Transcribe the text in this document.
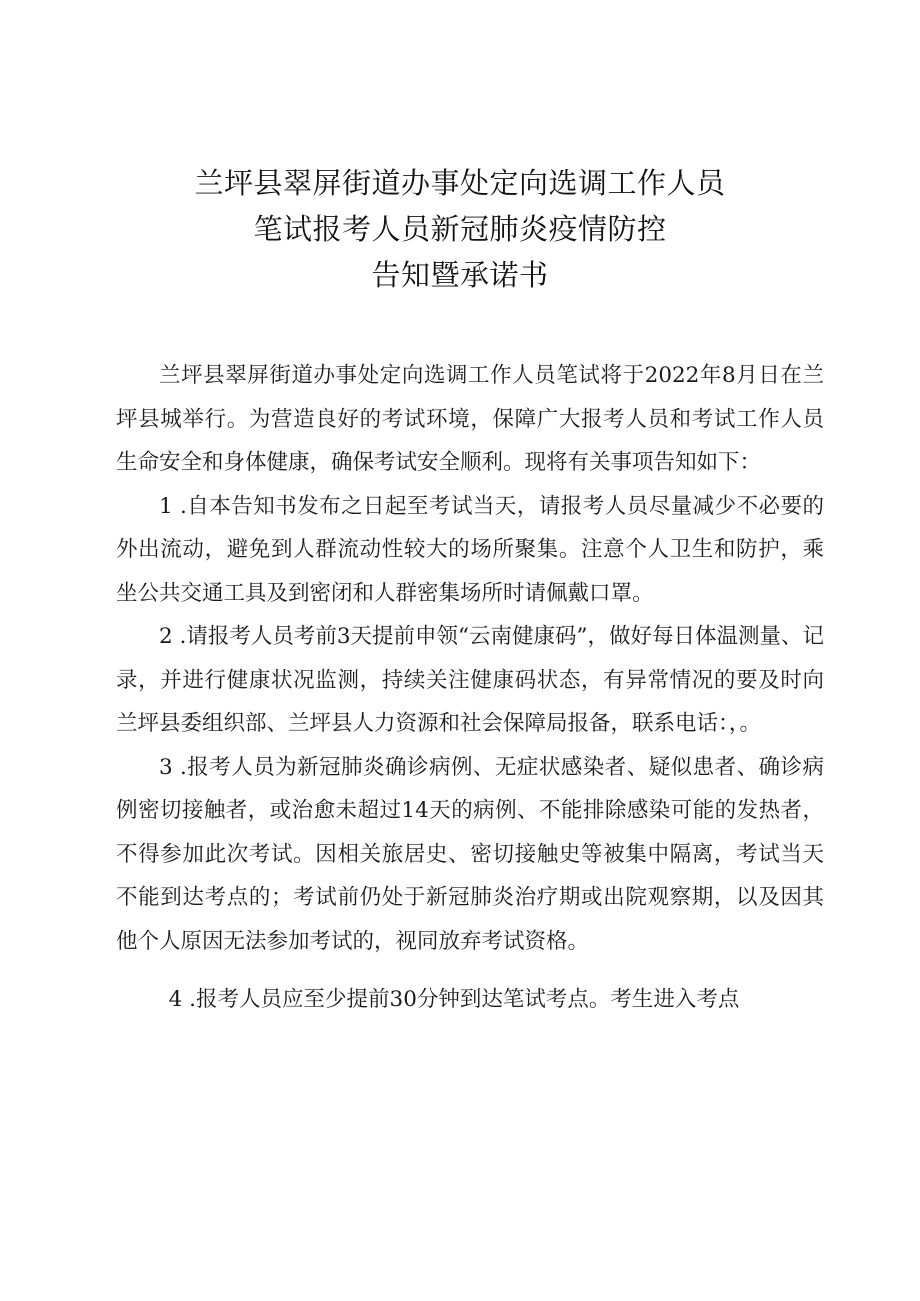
兰坪县翠屏街道办事处定向选调工作人员
笔试报考人员新冠肺炎疫情防控
告知暨承诺书

兰坪县翠屏街道办事处定向选调工作人员笔试将于2022年8月日在兰坪县城举行。为营造良好的考试环境，保障广大报考人员和考试工作人员生命安全和身体健康，确保考试安全顺利。现将有关事项告知如下：

1 .自本告知书发布之日起至考试当天，请报考人员尽量减少不必要的外出流动，避免到人群流动性较大的场所聚集。注意个人卫生和防护，乘坐公共交通工具及到密闭和人群密集场所时请佩戴口罩。

2 .请报考人员考前3天提前申领“云南健康码”，做好每日体温测量、记录，并进行健康状况监测，持续关注健康码状态，有异常情况的要及时向兰坪县委组织部、兰坪县人力资源和社会保障局报备，联系电话：，。

3 .报考人员为新冠肺炎确诊病例、无症状感染者、疑似患者、确诊病例密切接触者，或治愈未超过14天的病例、不能排除感染可能的发热者，不得参加此次考试。因相关旅居史、密切接触史等被集中隔离，考试当天不能到达考点的；考试前仍处于新冠肺炎治疗期或出院观察期，以及因其他个人原因无法参加考试的，视同放弃考试资格。

4 .报考人员应至少提前30分钟到达笔试考点。考生进入考点
